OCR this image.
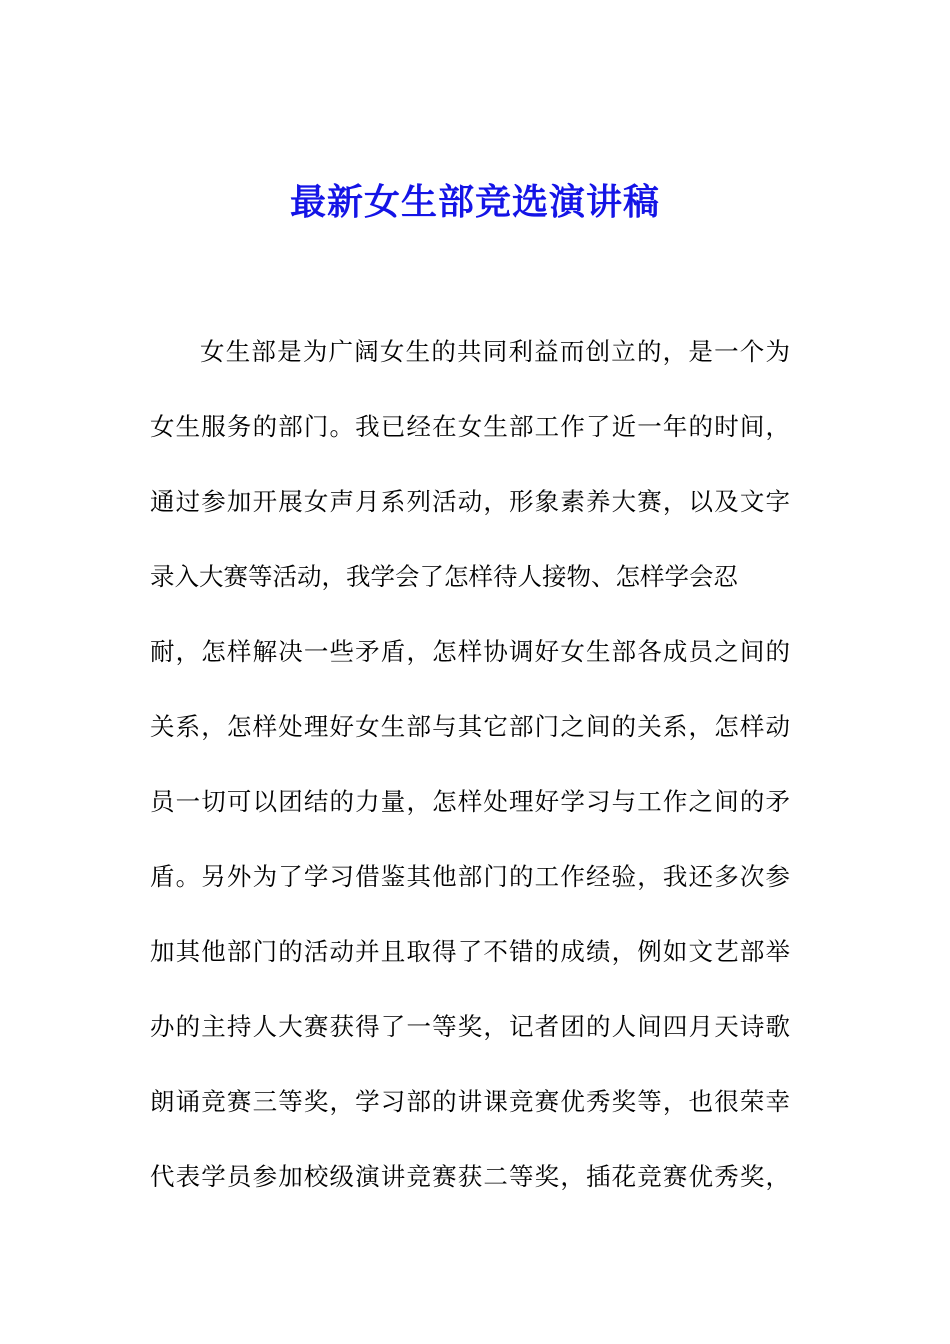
最新女生部竞选演讲稿
女生部是为广阔女生的共同利益而创立的，是一个为
女生服务的部门。我已经在女生部工作了近一年的时间，
通过参加开展女声月系列活动，形象素养大赛，以及文字
录入大赛等活动，我学会了怎样待人接物、怎样学会忍
耐，怎样解决一些矛盾，怎样协调好女生部各成员之间的
关系，怎样处理好女生部与其它部门之间的关系，怎样动
员一切可以团结的力量，怎样处理好学习与工作之间的矛
盾。另外为了学习借鉴其他部门的工作经验，我还多次参
加其他部门的活动并且取得了不错的成绩，例如文艺部举
办的主持人大赛获得了一等奖，记者团的人间四月天诗歌
朗诵竞赛三等奖，学习部的讲课竞赛优秀奖等，也很荣幸
代表学员参加校级演讲竞赛获二等奖，插花竞赛优秀奖，
